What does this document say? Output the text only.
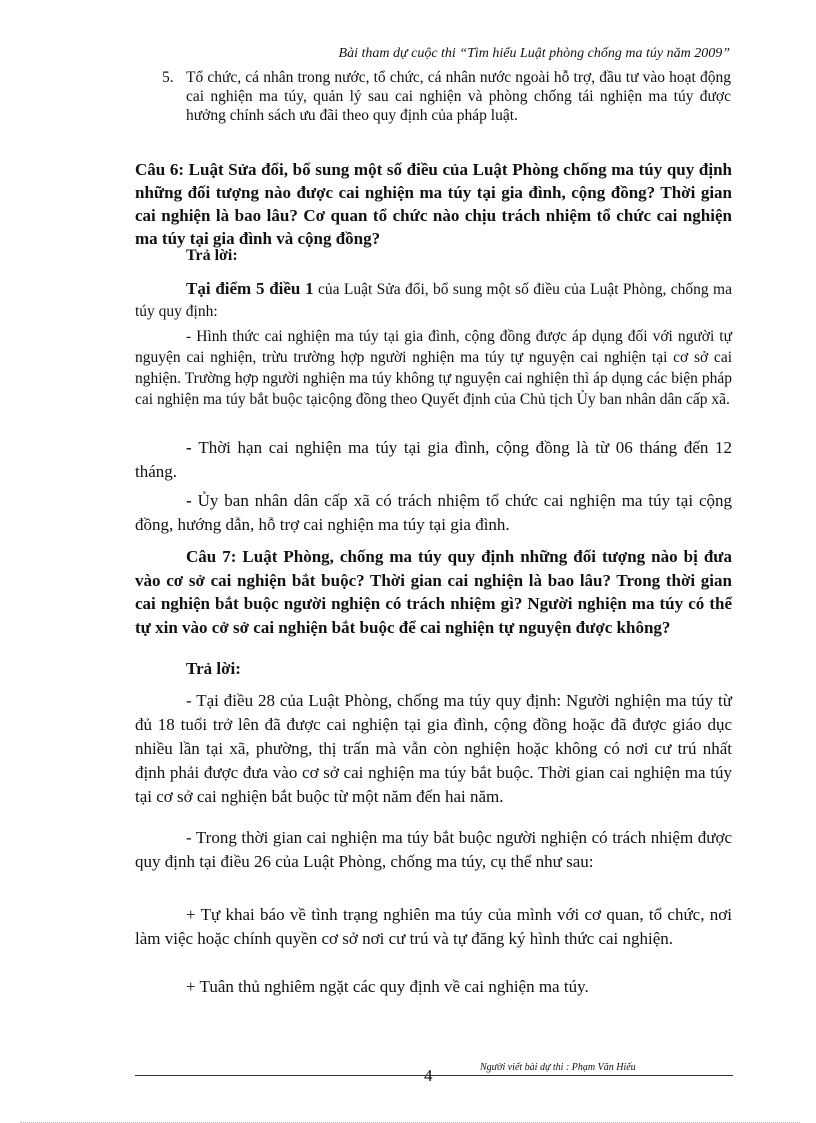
Bài tham dự cuộc thi “Tìm hiểu Luật phòng chống ma túy năm 2009”
5. Tổ chức, cá nhân trong nước, tổ chức, cá nhân nước ngoài hỗ trợ, đầu tư vào hoạt động cai nghiện ma túy, quản lý sau cai nghiện và phòng chống tái nghiện ma túy được hưởng chính sách ưu đãi theo quy định của pháp luật.
Câu 6: Luật Sửa đổi, bổ sung một số điều của Luật Phòng chống ma túy quy định những đối tượng nào được cai nghiện ma túy tại gia đình, cộng đồng? Thời gian cai nghiện là bao lâu? Cơ quan tổ chức nào chịu trách nhiệm tổ chức cai nghiện ma túy tại gia đình và cộng đồng?
Trả lời:
Tại điểm 5 điều 1 của Luật Sửa đổi, bổ sung một số điều của Luật Phòng, chống ma túy quy định:
- Hình thức cai nghiện ma túy tại gia đình, cộng đồng được áp dụng đối với người tự nguyện cai nghiện, trừu trường hợp người nghiện ma túy tự nguyện cai nghiện tại cơ sở cai nghiện. Trường hợp người nghiện ma túy không tự nguyện cai nghiện thì áp dụng các biện pháp cai nghiện ma túy bắt buộc tạicộng đồng theo Quyết định của Chủ tịch Ủy ban nhân dân cấp xã.
- Thời hạn cai nghiện ma túy tại gia đình, cộng đồng là từ 06 tháng đến 12 tháng.
- Ủy ban nhân dân cấp xã có trách nhiệm tổ chức cai nghiện ma túy tại cộng đồng, hướng dẫn, hỗ trợ cai nghiện ma túy tại gia đình.
Câu 7: Luật Phòng, chống ma túy quy định những đối tượng nào bị đưa vào cơ sở cai nghiện bắt buộc? Thời gian cai nghiện là bao lâu? Trong thời gian cai nghiện bắt buộc người nghiện có trách nhiệm gì? Người nghiện ma túy có thể tự xin vào cở sở cai nghiện bắt buộc để cai nghiện tự nguyện được không?
Trả lời:
- Tại điều 28 của Luật Phòng, chống ma túy quy định: Người nghiện ma túy từ đủ 18 tuổi trở lên đã được cai nghiện tại gia đình, cộng đồng hoặc đã được giáo dục nhiều lần tại xã, phường, thị trấn mà vẫn còn nghiện hoặc không có nơi cư trú nhất định phải được đưa vào cơ sở cai nghiện ma túy bắt buộc. Thời gian cai nghiện ma túy tại cơ sở cai nghiện bắt buộc từ một năm đến hai năm.
- Trong thời gian cai nghiện ma túy bắt buộc người nghiện có trách nhiệm được quy định tại điều 26 của Luật Phòng, chống ma túy, cụ thể như sau:
+ Tự khai báo về tình trạng nghiên ma túy của mình với cơ quan, tổ chức, nơi làm việc hoặc chính quyền cơ sở nơi cư trú và tự đăng ký hình thức cai nghiện.
+ Tuân thủ nghiêm ngặt các quy định về cai nghiện ma túy.
Người viết bài dự thi : Phạm Văn Hiếu
4
